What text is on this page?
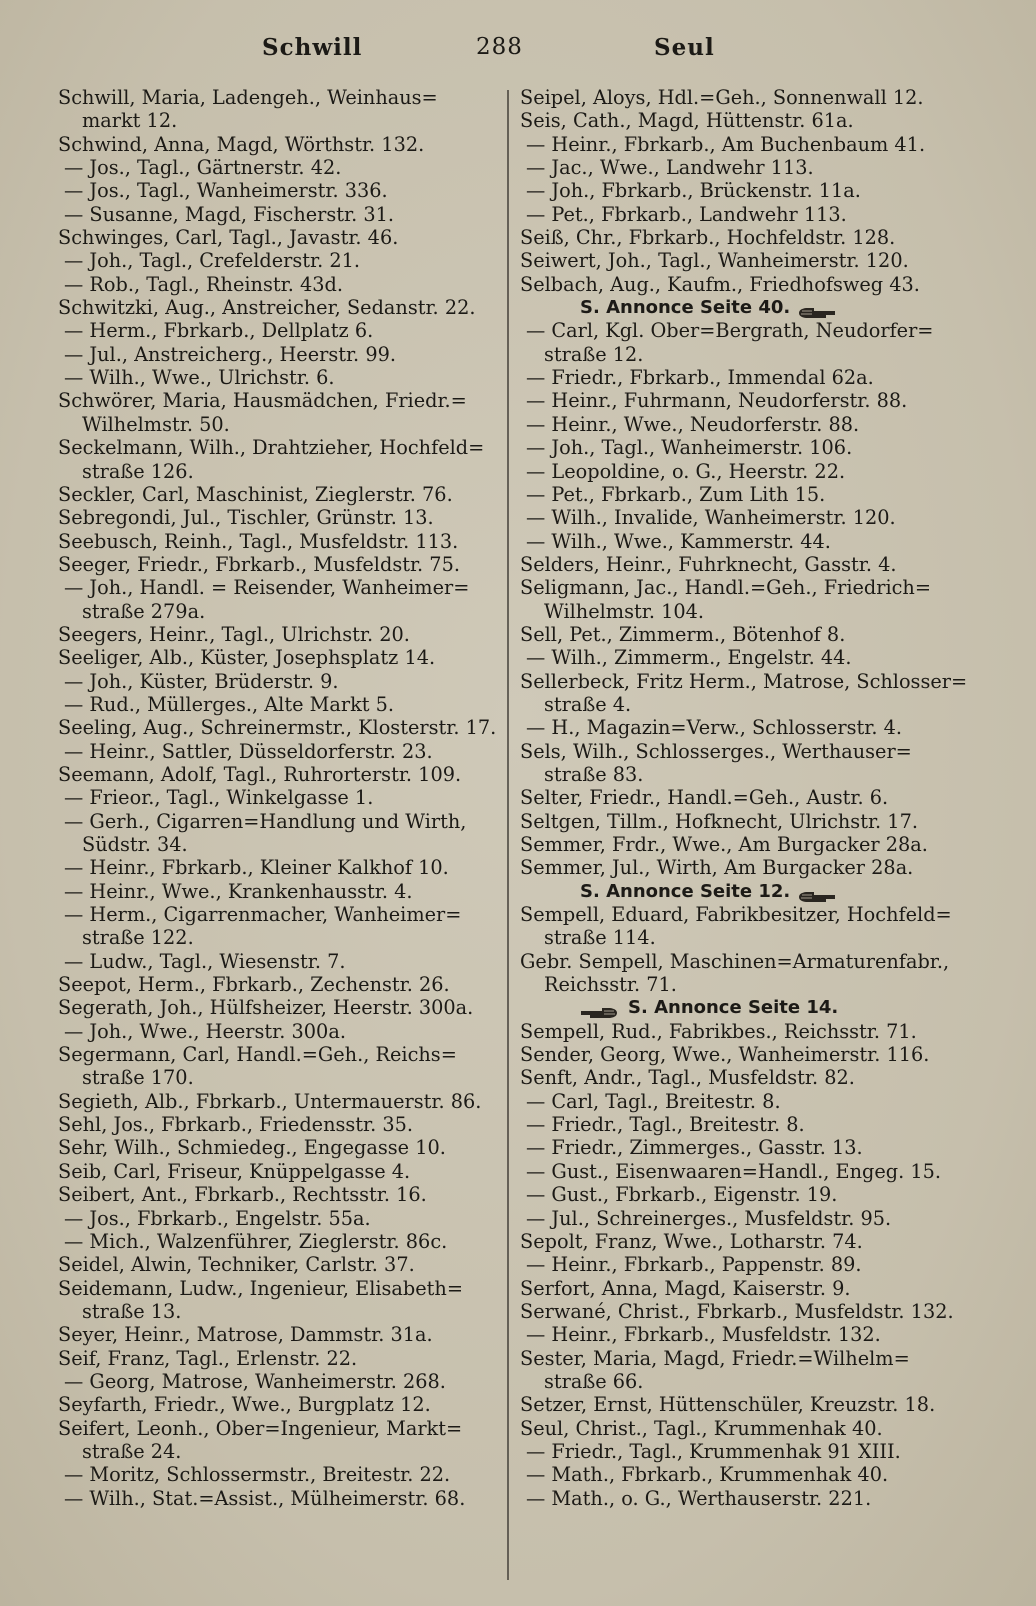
Schwill	288	Seul
Schwill, Maria, Ladengeh., Weinhaus=
markt 12.
Schwind, Anna, Magd, Wörthstr. 132.
— Jos., Tagl., Gärtnerstr. 42.
— Jos., Tagl., Wanheimerstr. 336.
— Susanne, Magd, Fischerstr. 31.
Schwinges, Carl, Tagl., Javastr. 46.
— Joh., Tagl., Crefelderstr. 21.
— Rob., Tagl., Rheinstr. 43d.
Schwitzki, Aug., Anstreicher, Sedanstr. 22.
— Herm., Fbrkarb., Dellplatz 6.
— Jul., Anstreicherg., Heerstr. 99.
— Wilh., Wwe., Ulrichstr. 6.
Schwörer, Maria, Hausmädchen, Friedr.=
Wilhelmstr. 50.
Seckelmann, Wilh., Drahtzieher, Hochfeld=
straße 126.
Seckler, Carl, Maschinist, Zieglerstr. 76.
Sebregondi, Jul., Tischler, Grünstr. 13.
Seebusch, Reinh., Tagl., Musfeldstr. 113.
Seeger, Friedr., Fbrkarb., Musfeldstr. 75.
— Joh., Handl. = Reisender, Wanheimer=
straße 279a.
Seegers, Heinr., Tagl., Ulrichstr. 20.
Seeliger, Alb., Küster, Josephsplatz 14.
— Joh., Küster, Brüderstr. 9.
— Rud., Müllerges., Alte Markt 5.
Seeling, Aug., Schreinermstr., Klosterstr. 17.
— Heinr., Sattler, Düsseldorferstr. 23.
Seemann, Adolf, Tagl., Ruhrorterstr. 109.
— Frieor., Tagl., Winkelgasse 1.
— Gerh., Cigarren=Handlung und Wirth,
Südstr. 34.
— Heinr., Fbrkarb., Kleiner Kalkhof 10.
— Heinr., Wwe., Krankenhausstr. 4.
— Herm., Cigarrenmacher, Wanheimer=
straße 122.
— Ludw., Tagl., Wiesenstr. 7.
Seepot, Herm., Fbrkarb., Zechenstr. 26.
Segerath, Joh., Hülfsheizer, Heerstr. 300a.
— Joh., Wwe., Heerstr. 300a.
Segermann, Carl, Handl.=Geh., Reichs=
straße 170.
Segieth, Alb., Fbrkarb., Untermauerstr. 86.
Sehl, Jos., Fbrkarb., Friedensstr. 35.
Sehr, Wilh., Schmiedeg., Engegasse 10.
Seib, Carl, Friseur, Knüppelgasse 4.
Seibert, Ant., Fbrkarb., Rechtsstr. 16.
— Jos., Fbrkarb., Engelstr. 55a.
— Mich., Walzenführer, Zieglerstr. 86c.
Seidel, Alwin, Techniker, Carlstr. 37.
Seidemann, Ludw., Ingenieur, Elisabeth=
straße 13.
Seyer, Heinr., Matrose, Dammstr. 31a.
Seif, Franz, Tagl., Erlenstr. 22.
— Georg, Matrose, Wanheimerstr. 268.
Seyfarth, Friedr., Wwe., Burgplatz 12.
Seifert, Leonh., Ober=Ingenieur, Markt=
straße 24.
— Moritz, Schlossermstr., Breitestr. 22.
— Wilh., Stat.=Assist., Mülheimerstr. 68.
Seipel, Aloys, Hdl.=Geh., Sonnenwall 12.
Seis, Cath., Magd, Hüttenstr. 61a.
— Heinr., Fbrkarb., Am Buchenbaum 41.
— Jac., Wwe., Landwehr 113.
— Joh., Fbrkarb., Brückenstr. 11a.
— Pet., Fbrkarb., Landwehr 113.
Seiß, Chr., Fbrkarb., Hochfeldstr. 128.
Seiwert, Joh., Tagl., Wanheimerstr. 120.
Selbach, Aug., Kaufm., Friedhofsweg 43.
S. Annonce Seite 40.
— Carl, Kgl. Ober=Bergrath, Neudorfer=
straße 12.
— Friedr., Fbrkarb., Immendal 62a.
— Heinr., Fuhrmann, Neudorferstr. 88.
— Heinr., Wwe., Neudorferstr. 88.
— Joh., Tagl., Wanheimerstr. 106.
— Leopoldine, o. G., Heerstr. 22.
— Pet., Fbrkarb., Zum Lith 15.
— Wilh., Invalide, Wanheimerstr. 120.
— Wilh., Wwe., Kammerstr. 44.
Selders, Heinr., Fuhrknecht, Gasstr. 4.
Seligmann, Jac., Handl.=Geh., Friedrich=
Wilhelmstr. 104.
Sell, Pet., Zimmerm., Bötenhof 8.
— Wilh., Zimmerm., Engelstr. 44.
Sellerbeck, Fritz Herm., Matrose, Schlosser=
straße 4.
— H., Magazin=Verw., Schlosserstr. 4.
Sels, Wilh., Schlosserges., Werthauser=
straße 83.
Selter, Friedr., Handl.=Geh., Austr. 6.
Seltgen, Tillm., Hofknecht, Ulrichstr. 17.
Semmer, Frdr., Wwe., Am Burgacker 28a.
Semmer, Jul., Wirth, Am Burgacker 28a.
S. Annonce Seite 12.
Sempell, Eduard, Fabrikbesitzer, Hochfeld=
straße 114.
Gebr. Sempell, Maschinen=Armaturenfabr.,
Reichsstr. 71.
S. Annonce Seite 14.
Sempell, Rud., Fabrikbes., Reichsstr. 71.
Sender, Georg, Wwe., Wanheimerstr. 116.
Senft, Andr., Tagl., Musfeldstr. 82.
— Carl, Tagl., Breitestr. 8.
— Friedr., Tagl., Breitestr. 8.
— Friedr., Zimmerges., Gasstr. 13.
— Gust., Eisenwaaren=Handl., Engeg. 15.
— Gust., Fbrkarb., Eigenstr. 19.
— Jul., Schreinerges., Musfeldstr. 95.
Sepolt, Franz, Wwe., Lotharstr. 74.
— Heinr., Fbrkarb., Pappenstr. 89.
Serfort, Anna, Magd, Kaiserstr. 9.
Serwané, Christ., Fbrkarb., Musfeldstr. 132.
— Heinr., Fbrkarb., Musfeldstr. 132.
Sester, Maria, Magd, Friedr.=Wilhelm=
straße 66.
Setzer, Ernst, Hüttenschüler, Kreuzstr. 18.
Seul, Christ., Tagl., Krummenhak 40.
— Friedr., Tagl., Krummenhak 91 XIII.
— Math., Fbrkarb., Krummenhak 40.
— Math., o. G., Werthauserstr. 221.
